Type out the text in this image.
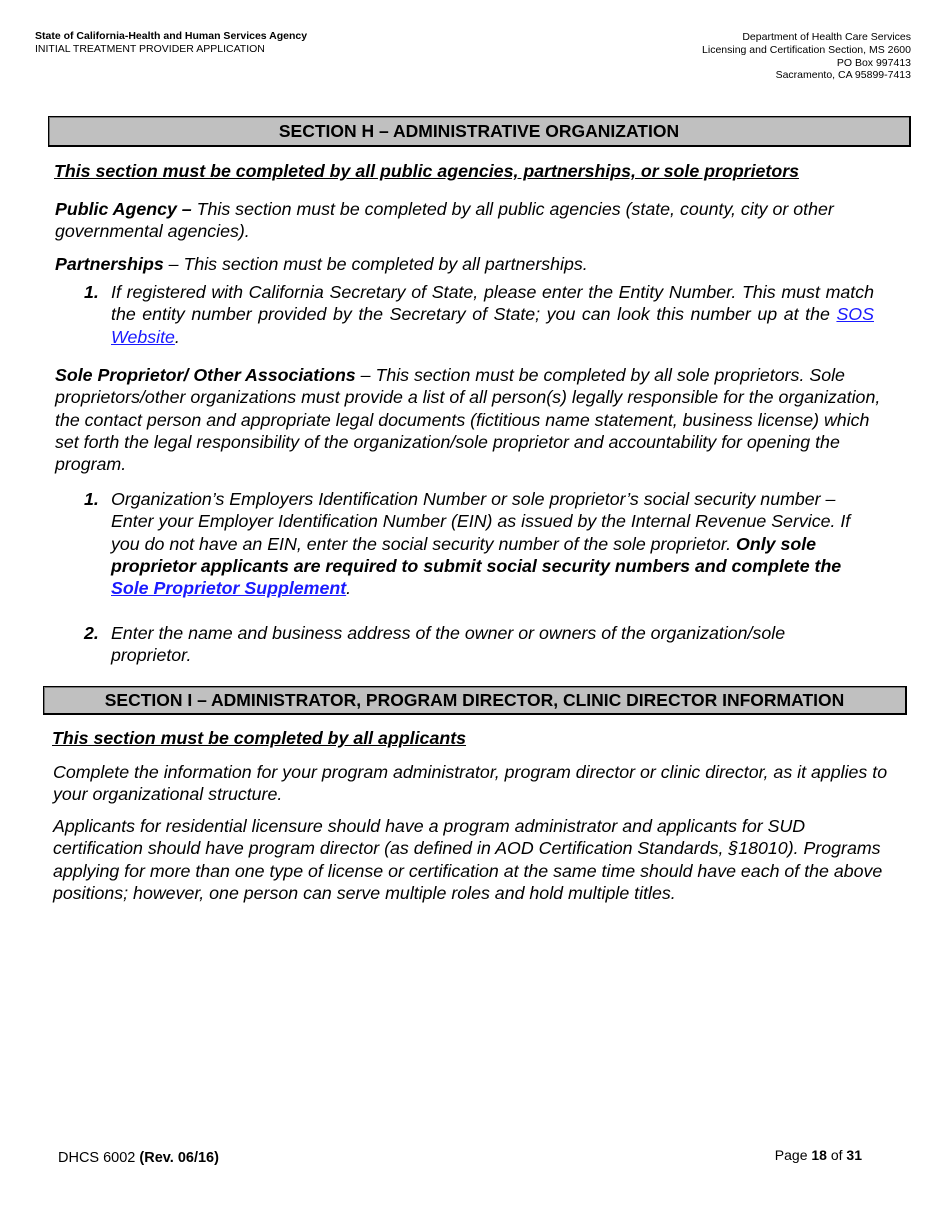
State of California-Health and Human Services Agency
INITIAL TREATMENT PROVIDER APPLICATION
Department of Health Care Services
Licensing and Certification Section, MS 2600
PO Box 997413
Sacramento, CA 95899-7413
SECTION H – ADMINISTRATIVE ORGANIZATION
This section must be completed by all public agencies, partnerships, or sole proprietors
Public Agency – This section must be completed by all public agencies (state, county, city or other governmental agencies).
Partnerships – This section must be completed by all partnerships.
1. If registered with California Secretary of State, please enter the Entity Number. This must match the entity number provided by the Secretary of State; you can look this number up at the SOS Website.
Sole Proprietor/ Other Associations – This section must be completed by all sole proprietors. Sole proprietors/other organizations must provide a list of all person(s) legally responsible for the organization, the contact person and appropriate legal documents (fictitious name statement, business license) which set forth the legal responsibility of the organization/sole proprietor and accountability for opening the program.
1. Organization’s Employers Identification Number or sole proprietor’s social security number – Enter your Employer Identification Number (EIN) as issued by the Internal Revenue Service. If you do not have an EIN, enter the social security number of the sole proprietor. Only sole proprietor applicants are required to submit social security numbers and complete the Sole Proprietor Supplement.
2. Enter the name and business address of the owner or owners of the organization/sole proprietor.
SECTION I – ADMINISTRATOR, PROGRAM DIRECTOR, CLINIC DIRECTOR INFORMATION
This section must be completed by all applicants
Complete the information for your program administrator, program director or clinic director, as it applies to your organizational structure.
Applicants for residential licensure should have a program administrator and applicants for SUD certification should have program director (as defined in AOD Certification Standards, §18010). Programs applying for more than one type of license or certification at the same time should have each of the above positions; however, one person can serve multiple roles and hold multiple titles.
DHCS 6002 (Rev. 06/16)	Page 18 of 31
